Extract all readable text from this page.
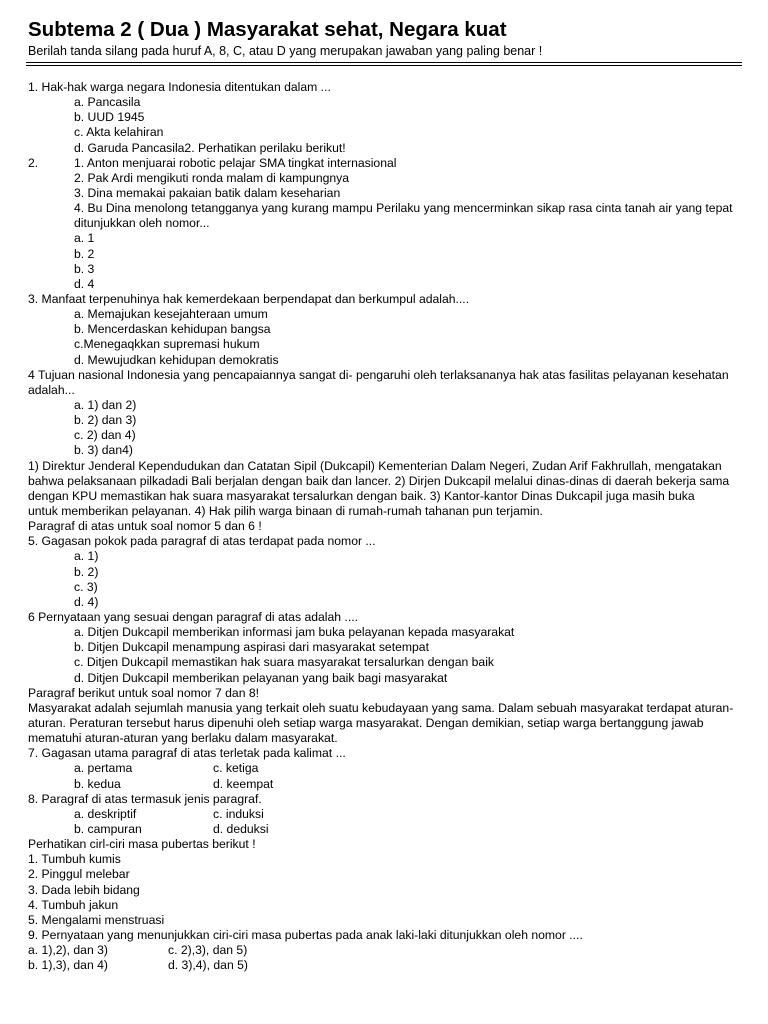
Subtema 2 ( Dua ) Masyarakat sehat, Negara kuat
Berilah tanda silang pada huruf A, 8, C, atau D yang merupakan jawaban yang paling benar !
1. Hak-hak warga negara Indonesia ditentukan dalam ...
a. Pancasila
b. UUD 1945
c. Akta kelahiran
d. Garuda Pancasila2. Perhatikan perilaku berikut!
2.	1. Anton menjuarai robotic pelajar SMA tingkat internasional
2. Pak Ardi mengikuti ronda malam di kampungnya
3. Dina memakai pakaian batik dalam keseharian
4. Bu Dina menolong tetangganya yang kurang mampu Perilaku yang mencerminkan sikap rasa cinta tanah air yang tepat ditunjukkan oleh nomor...
a. 1
b. 2
b. 3
d. 4
3. Manfaat terpenuhinya hak kemerdekaan berpendapat dan berkumpul adalah....
a. Memajukan kesejahteraan umum
b. Mencerdaskan kehidupan bangsa
c.Menegaqkkan supremasi hukum
d. Mewujudkan kehidupan demokratis
4 Tujuan nasional Indonesia yang pencapaiannya sangat di- pengaruhi oleh terlaksananya hak atas fasilitas pelayanan kesehatan adalah...
a. 1) dan 2)
b. 2) dan 3)
c. 2) dan 4)
b. 3) dan4)
1) Direktur Jenderal Kependudukan dan Catatan Sipil (Dukcapil) Kementerian Dalam Negeri, Zudan Arif Fakhrullah, mengatakan bahwa pelaksanaan pilkadadi Bali berjalan dengan baik dan lancer. 2) Dirjen Dukcapil melalui dinas-dinas di daerah bekerja sama dengan KPU memastikan hak suara masyarakat tersalurkan dengan baik. 3) Kantor-kantor Dinas Dukcapil juga masih buka
untuk memberikan pelayanan. 4) Hak pilih warga binaan di rumah-rumah tahanan pun terjamin.
Paragraf di atas untuk soal nomor 5 dan 6 !
5. Gagasan pokok pada paragraf di atas terdapat pada nomor ...
a. 1)
b. 2)
c. 3)
d. 4)
6 Pernyataan yang sesuai dengan paragraf di atas adalah ....
a. Ditjen Dukcapil memberikan informasi jam buka pelayanan kepada masyarakat
b. Ditjen Dukcapil menampung aspirasi dari masyarakat setempat
c. Ditjen Dukcapil memastikan hak suara masyarakat tersalurkan dengan baik
d. Ditjen Dukcapil memberikan pelayanan yang baik bagi masyarakat
Paragraf berikut untuk soal nomor 7 dan 8!
Masyarakat adalah sejumlah manusia yang terkait oleh suatu kebudayaan yang sama. Dalam sebuah masyarakat terdapat aturan-aturan. Peraturan tersebut harus dipenuhi oleh setiap warga masyarakat. Dengan demikian, setiap warga bertanggung jawab mematuhi aturan-aturan yang berlaku dalam masyarakat.
7. Gagasan utama paragraf di atas terletak pada kalimat ...
a. pertama	c. ketiga
b. kedua	d. keempat
8. Paragraf di atas termasuk jenis paragraf.
a. deskriptif	c. induksi
b. campuran	d. deduksi
Perhatikan cirl-ciri masa pubertas berikut !
1. Tumbuh kumis
2. Pinggul melebar
3. Dada lebih bidang
4. Tumbuh jakun
5. Mengalami menstruasi
9. Pernyataan yang menunjukkan ciri-ciri masa pubertas pada anak laki-laki ditunjukkan oleh nomor ....
a. 1),2), dan 3)	c. 2),3), dan 5)
b. 1),3), dan 4)	d. 3),4), dan 5)
